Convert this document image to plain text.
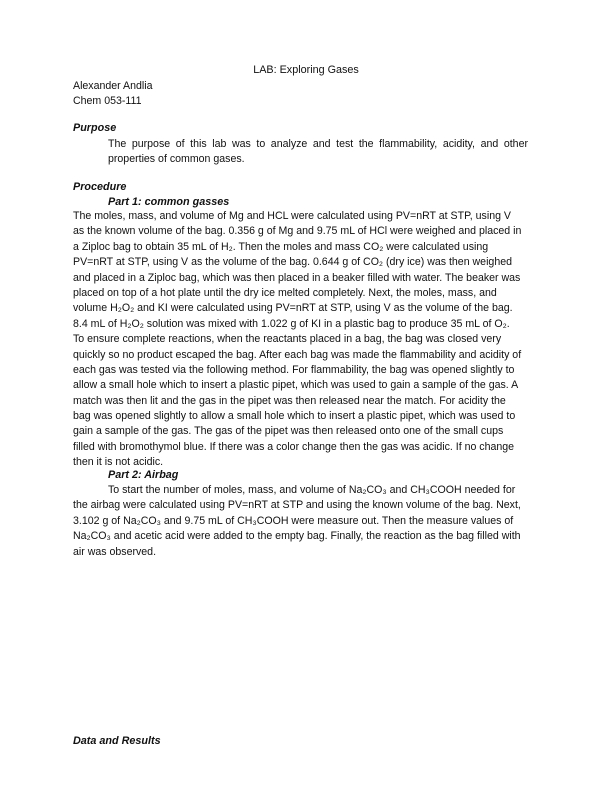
LAB: Exploring Gases
Alexander Andlia
Chem 053-111
Purpose
The purpose of this lab was to analyze and test the flammability, acidity, and other properties of common gases.
Procedure
Part 1: common gasses
The moles, mass, and volume of Mg and HCL were calculated using PV=nRT at STP, using V
as the known volume of the bag. 0.356 g of Mg and 9.75 mL of HCl were weighed and placed in
a Ziploc bag to obtain 35 mL of H₂. Then the moles and mass CO₂ were calculated using
PV=nRT at STP, using V as the volume of the bag. 0.644 g of CO₂ (dry ice) was then weighed
and placed in a Ziploc bag, which was then placed in a beaker filled with water. The beaker was
placed on top of a hot plate until the dry ice melted completely. Next, the moles, mass, and
volume H₂O₂ and KI were calculated using PV=nRT at STP, using V as the volume of the bag.
8.4 mL of H₂O₂ solution was mixed with 1.022 g of KI in a plastic bag to produce 35 mL of O₂.
To ensure complete reactions, when the reactants placed in a bag, the bag was closed very
quickly so no product escaped the bag. After each bag was made the flammability and acidity of
each gas was tested via the following method. For flammability, the bag was opened slightly to
allow a small hole which to insert a plastic pipet, which was used to gain a sample of the gas. A
match was then lit and the gas in the pipet was then released near the match. For acidity the
bag was opened slightly to allow a small hole which to insert a plastic pipet, which was used to
gain a sample of the gas. The gas of the pipet was then released onto one of the small cups
filled with bromothymol blue. If there was a color change then the gas was acidic. If no change
then it is not acidic.
Part 2: Airbag
To start the number of moles, mass, and volume of Na₂CO₃ and CH₃COOH needed for
the airbag were calculated using PV=nRT at STP and using the known volume of the bag. Next,
3.102 g of Na₂CO₃ and 9.75 mL of CH₃COOH were measure out. Then the measure values of
Na₂CO₃ and acetic acid were added to the empty bag. Finally, the reaction as the bag filled with
air was observed.
Data and Results
